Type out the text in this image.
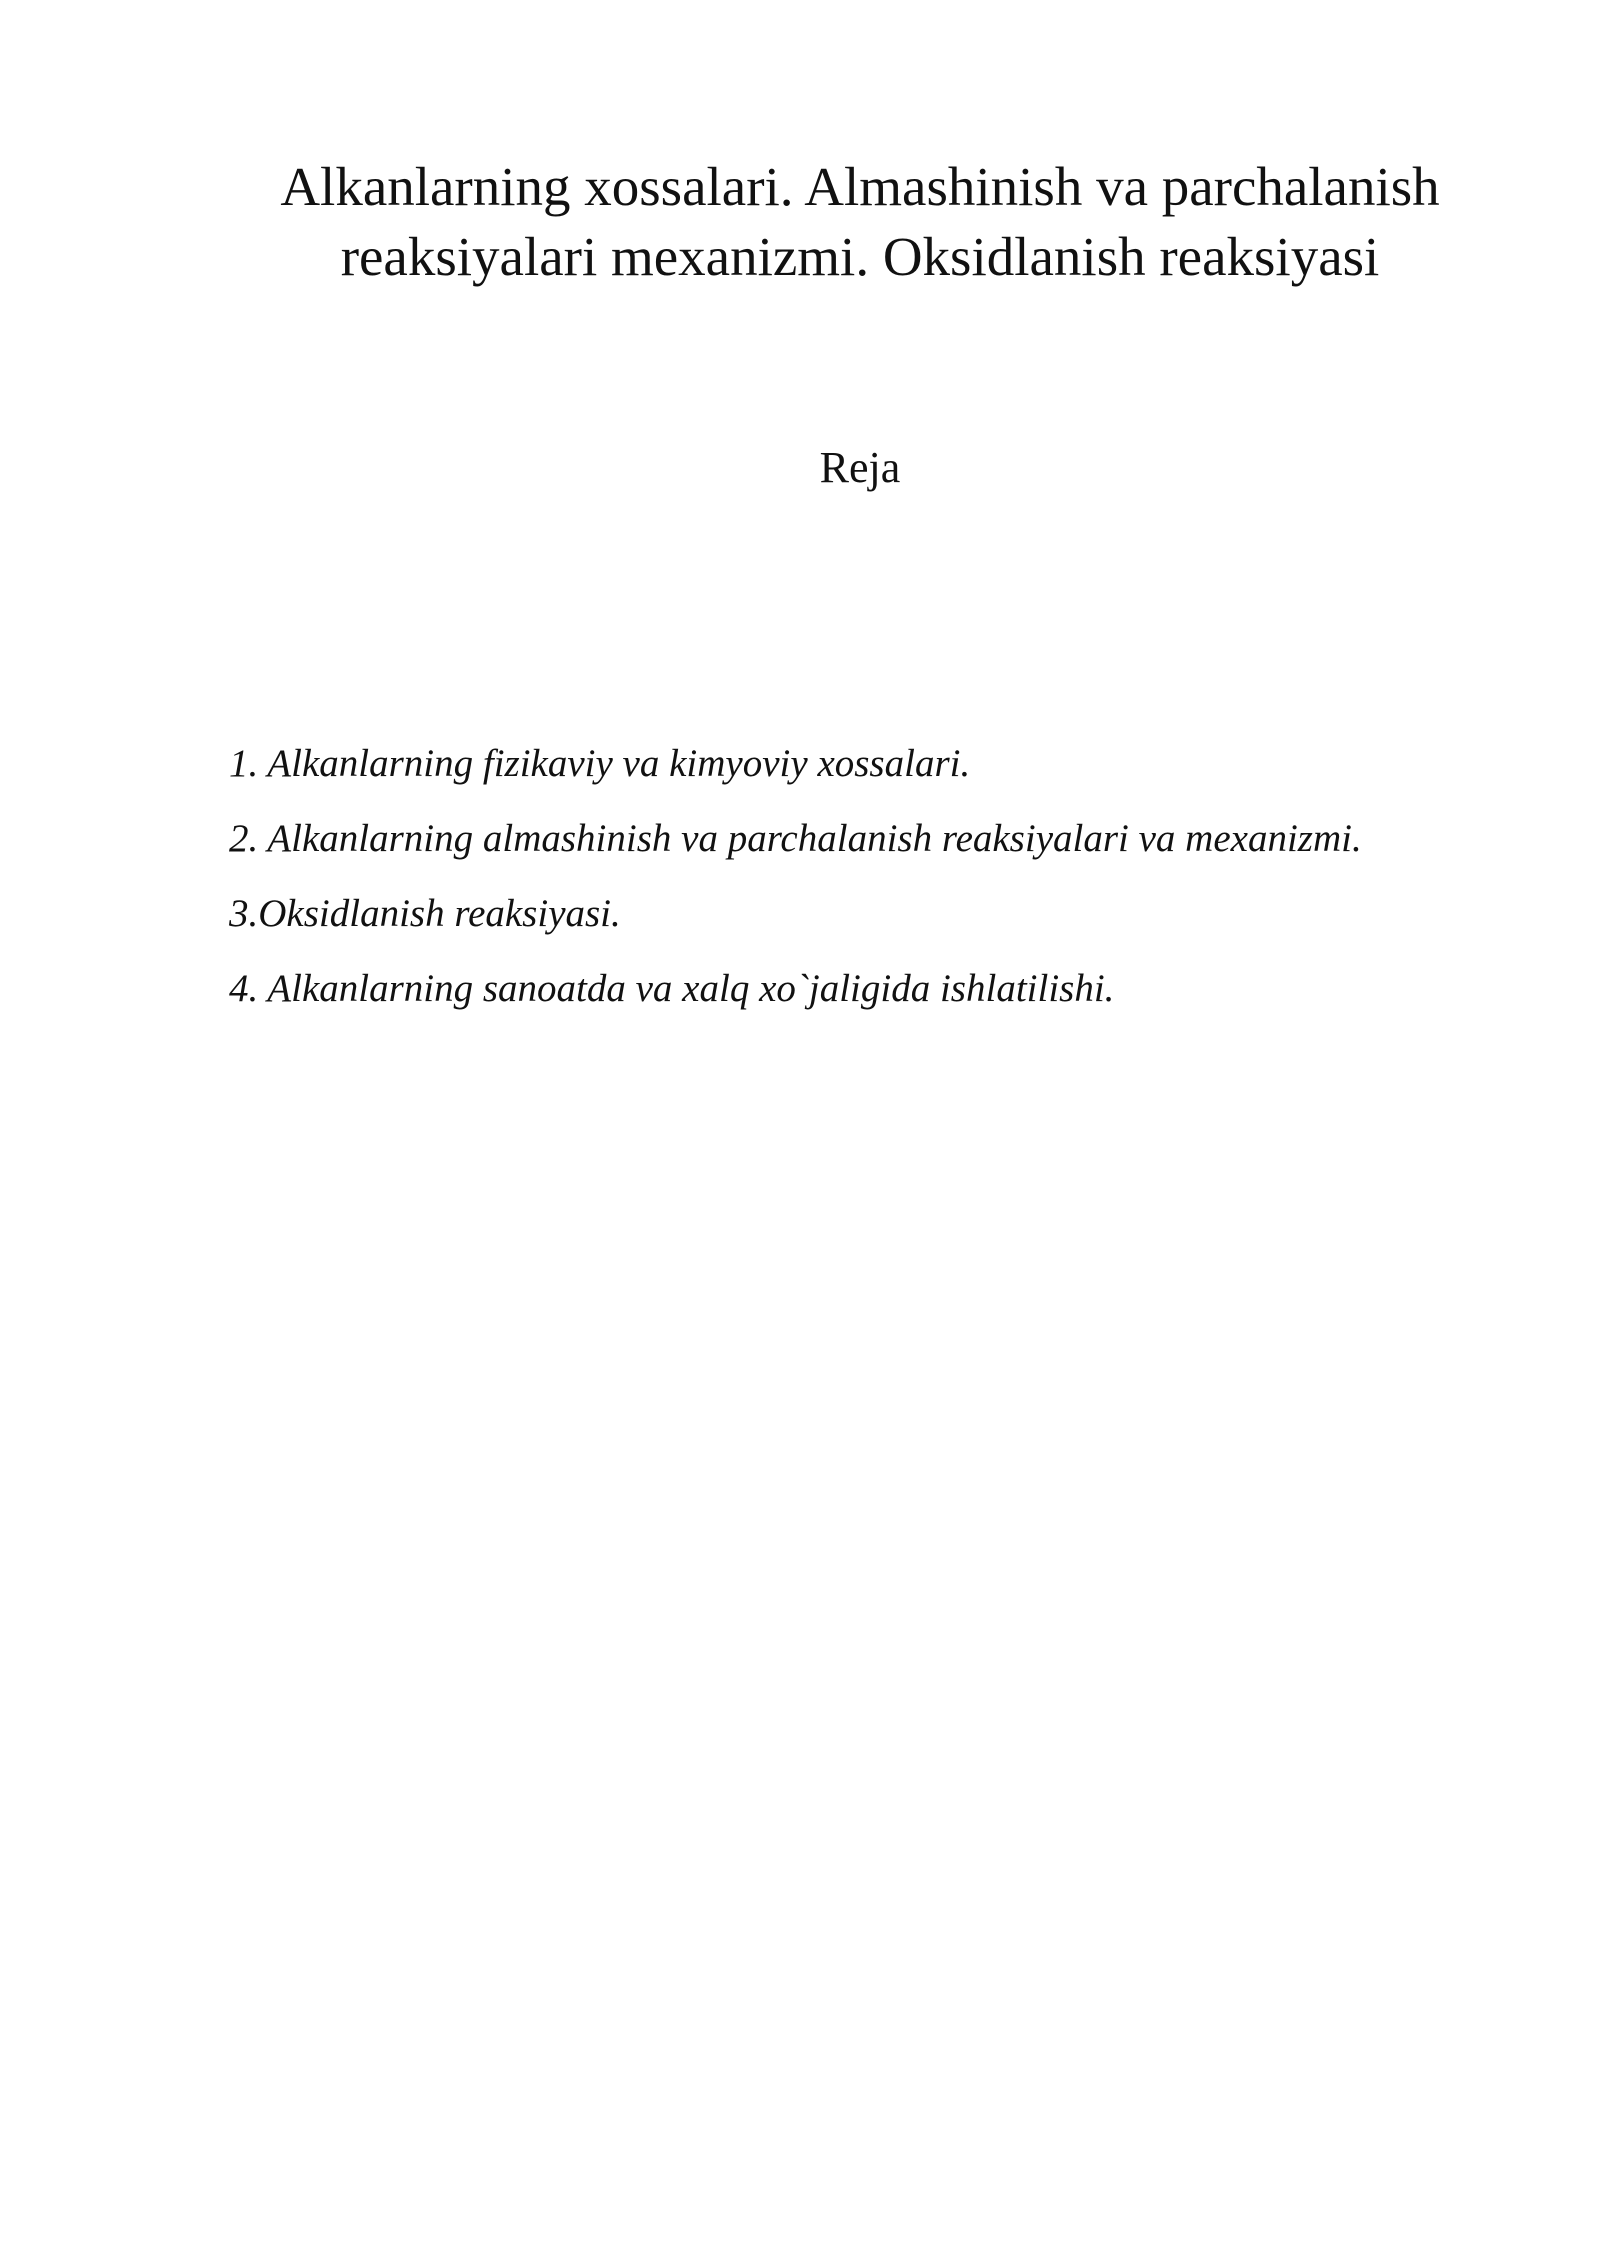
Alkanlarning xossalari. Almashinish va parchalanish
reaksiyalari mexanizmi. Oksidlanish reaksiyasi
Reja
1. Alkanlarning fizikaviy va kimyoviy xossalari.
2. Alkanlarning almashinish va parchalanish reaksiyalari va mexanizmi.
3.Oksidlanish reaksiyasi.
4. Alkanlarning sanoatda va xalq xo`jaligida ishlatilishi.
